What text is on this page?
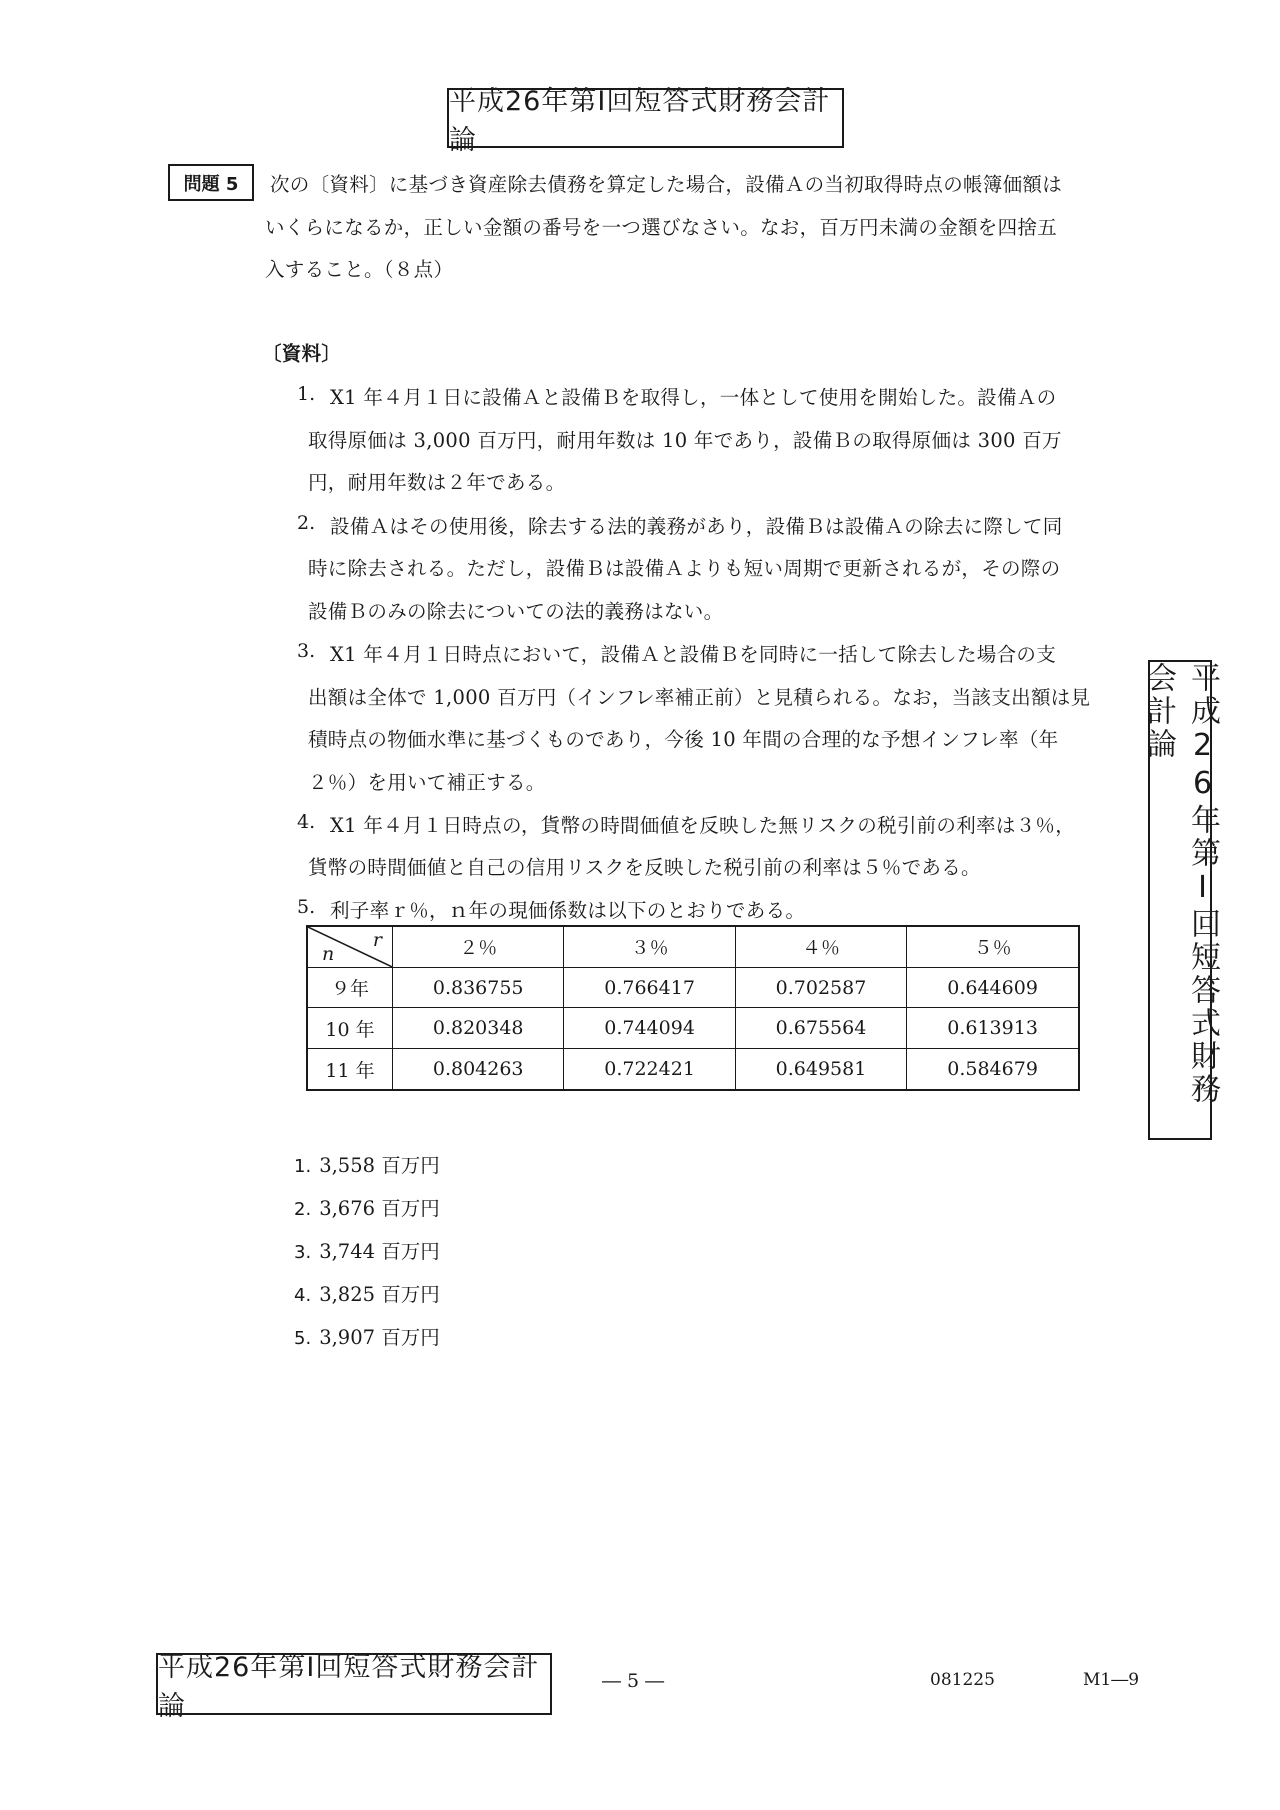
平成26年第Ⅰ回短答式財務会計論
問題 5 次の〔資料〕に基づき資産除去債務を算定した場合，設備Ａの当初取得時点の帳簿価額は
いくらになるか，正しい金額の番号を一つ選びなさい。なお，百万円未満の金額を四捨五
入すること。（８点）
〔資料〕
1. X1 年４月１日に設備Ａと設備Ｂを取得し，一体として使用を開始した。設備Ａの
取得原価は 3,000 百万円，耐用年数は 10 年であり，設備Ｂの取得原価は 300 百万
円，耐用年数は２年である。
2. 設備Ａはその使用後，除去する法的義務があり，設備Ｂは設備Ａの除去に際して同
時に除去される。ただし，設備Ｂは設備Ａよりも短い周期で更新されるが，その際の
設備Ｂのみの除去についての法的義務はない。
3. X1 年４月１日時点において，設備Ａと設備Ｂを同時に一括して除去した場合の支
出額は全体で 1,000 百万円（インフレ率補正前）と見積られる。なお，当該支出額は見
積時点の物価水準に基づくものであり，今後 10 年間の合理的な予想インフレ率（年
２％）を用いて補正する。
4. X1 年４月１日時点の，貨幣の時間価値を反映した無リスクの税引前の利率は３％，
貨幣の時間価値と自己の信用リスクを反映した税引前の利率は５％である。
5. 利子率ｒ％，ｎ年の現価係数は以下のとおりである。
r
n	２％	３％	４％	５％
９年	0.836755	0.766417	0.702587	0.644609
10 年	0.820348	0.744094	0.675564	0.613913
11 年	0.804263	0.722421	0.649581	0.584679
1. 3,558 百万円
2. 3,676 百万円
3. 3,744 百万円
4. 3,825 百万円
5. 3,907 百万円
平成26年第Ⅰ回短答式財務会計論
平成26年第Ⅰ回短答式財務会計論
― 5 ―	081225	M1―9
